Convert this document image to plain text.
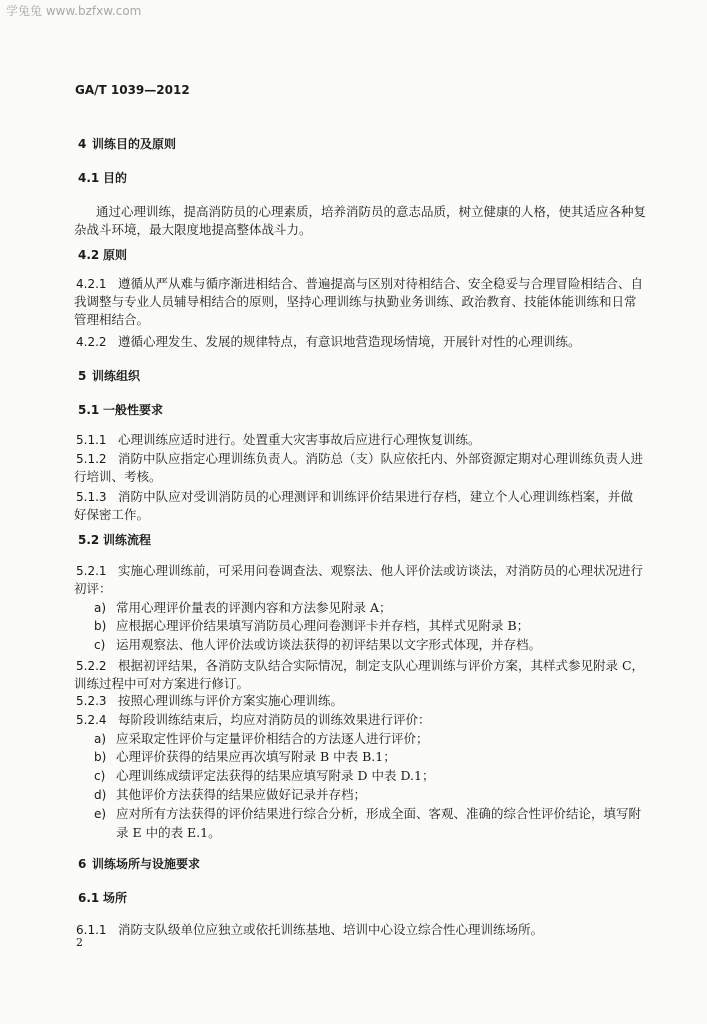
学兔兔 www.bzfxw.com
GA/T 1039—2012
4 训练目的及原则
4.1 目的
通过心理训练，提高消防员的心理素质，培养消防员的意志品质，树立健康的人格，使其适应各种复
杂战斗环境，最大限度地提高整体战斗力。
4.2 原则
4.2.1 遵循从严从难与循序渐进相结合、普遍提高与区别对待相结合、安全稳妥与合理冒险相结合、自
我调整与专业人员辅导相结合的原则，坚持心理训练与执勤业务训练、政治教育、技能体能训练和日常
管理相结合。
4.2.2 遵循心理发生、发展的规律特点，有意识地营造现场情境，开展针对性的心理训练。
5 训练组织
5.1 一般性要求
5.1.1 心理训练应适时进行。处置重大灾害事故后应进行心理恢复训练。
5.1.2 消防中队应指定心理训练负责人。消防总（支）队应依托内、外部资源定期对心理训练负责人进
行培训、考核。
5.1.3 消防中队应对受训消防员的心理测评和训练评价结果进行存档，建立个人心理训练档案，并做
好保密工作。
5.2 训练流程
5.2.1 实施心理训练前，可采用问卷调查法、观察法、他人评价法或访谈法，对消防员的心理状况进行
初评：
a) 常用心理评价量表的评测内容和方法参见附录 A；
b) 应根据心理评价结果填写消防员心理问卷测评卡并存档，其样式见附录 B；
c) 运用观察法、他人评价法或访谈法获得的初评结果以文字形式体现，并存档。
5.2.2 根据初评结果，各消防支队结合实际情况，制定支队心理训练与评价方案，其样式参见附录 C，
训练过程中可对方案进行修订。
5.2.3 按照心理训练与评价方案实施心理训练。
5.2.4 每阶段训练结束后，均应对消防员的训练效果进行评价：
a) 应采取定性评价与定量评价相结合的方法逐人进行评价；
b) 心理评价获得的结果应再次填写附录 B 中表 B.1；
c) 心理训练成绩评定法获得的结果应填写附录 D 中表 D.1；
d) 其他评价方法获得的结果应做好记录并存档；
e) 应对所有方法获得的评价结果进行综合分析，形成全面、客观、准确的综合性评价结论，填写附
录 E 中的表 E.1。
6 训练场所与设施要求
6.1 场所
6.1.1 消防支队级单位应独立或依托训练基地、培训中心设立综合性心理训练场所。
2
